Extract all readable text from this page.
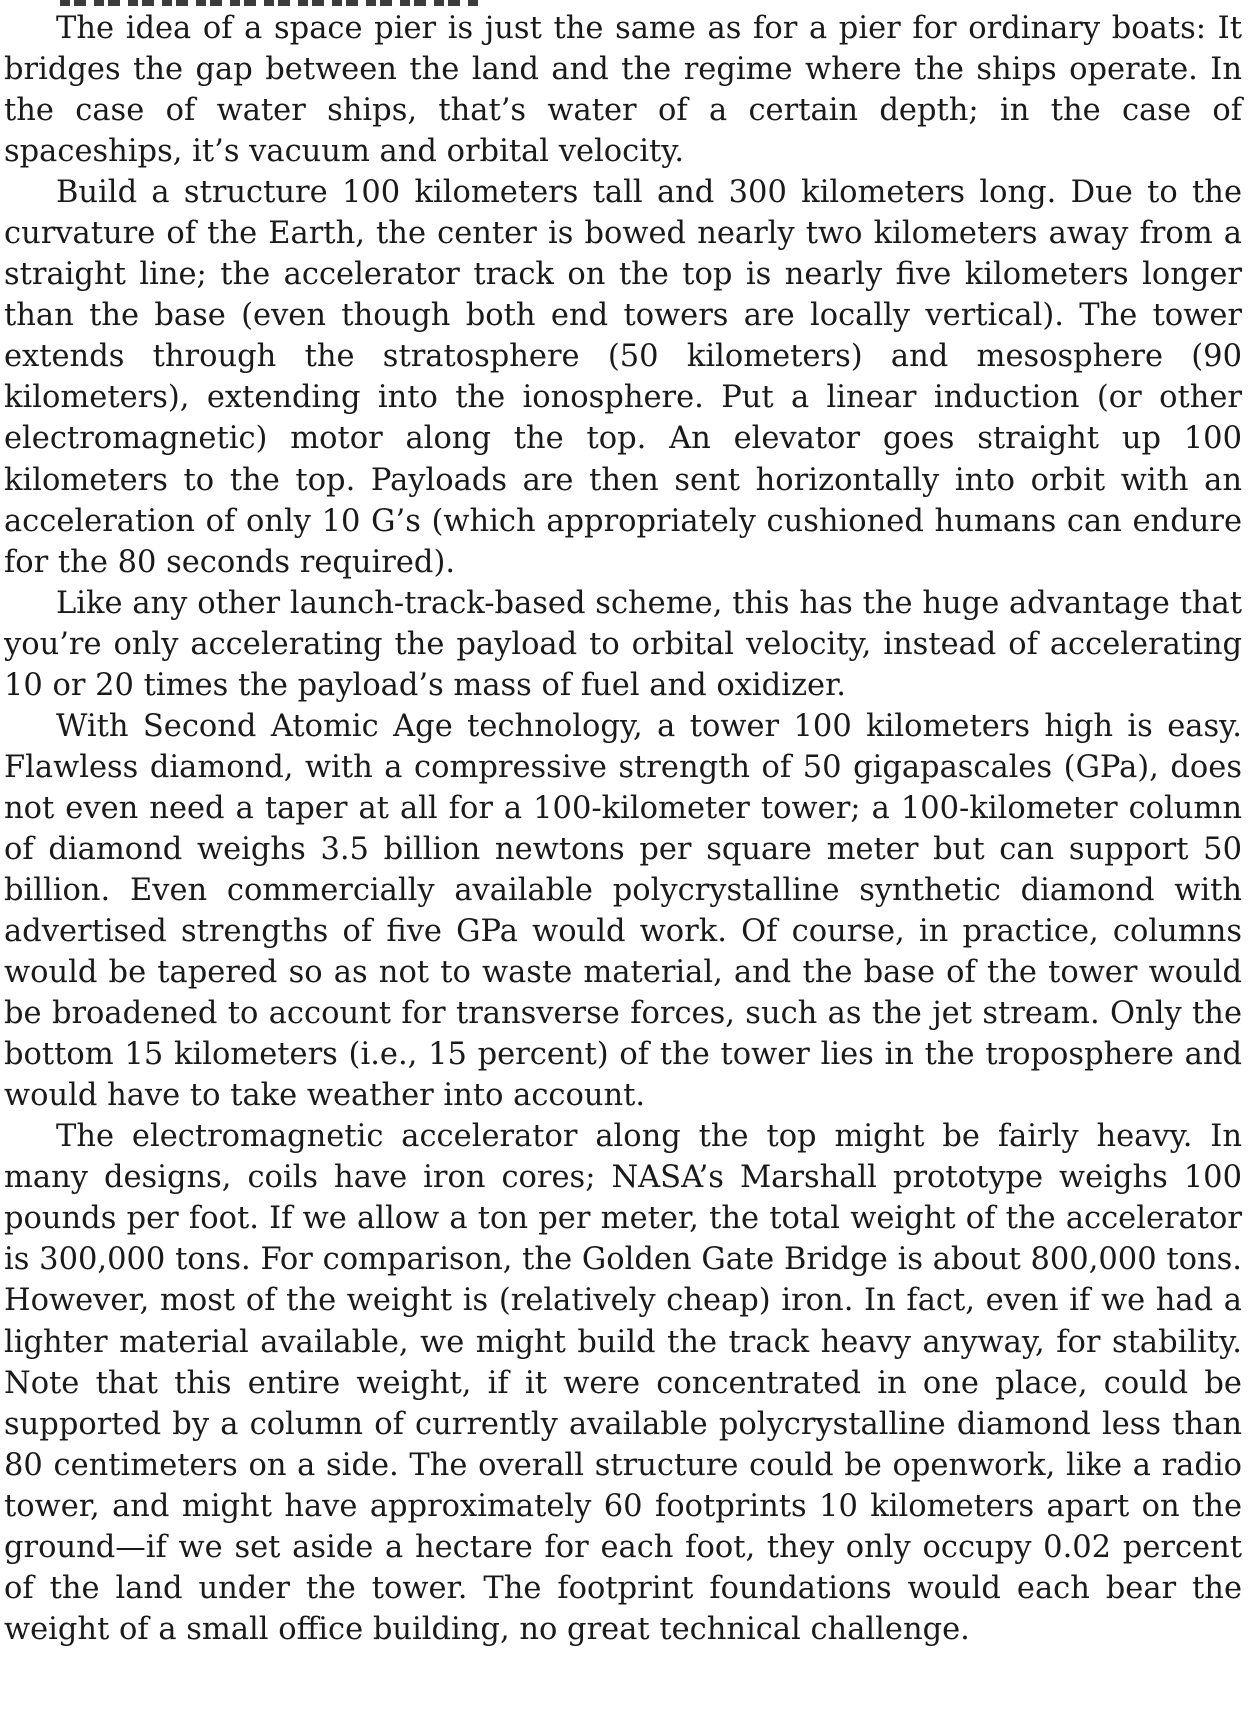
The idea of a space pier is just the same as for a pier for ordinary boats: It bridges the gap between the land and the regime where the ships operate. In the case of water ships, that’s water of a certain depth; in the case of spaceships, it’s vacuum and orbital velocity.

Build a structure 100 kilometers tall and 300 kilometers long. Due to the curvature of the Earth, the center is bowed nearly two kilometers away from a straight line; the accelerator track on the top is nearly five kilometers longer than the base (even though both end towers are locally vertical). The tower extends through the stratosphere (50 kilometers) and mesosphere (90 kilometers), extending into the ionosphere. Put a linear induction (or other electromagnetic) motor along the top. An elevator goes straight up 100 kilometers to the top. Payloads are then sent horizontally into orbit with an acceleration of only 10 G’s (which appropriately cushioned humans can endure for the 80 seconds required).

Like any other launch-track-based scheme, this has the huge advantage that you’re only accelerating the payload to orbital velocity, instead of accelerating 10 or 20 times the payload’s mass of fuel and oxidizer.

With Second Atomic Age technology, a tower 100 kilometers high is easy. Flawless diamond, with a compressive strength of 50 gigapascales (GPa), does not even need a taper at all for a 100-kilometer tower; a 100-kilometer column of diamond weighs 3.5 billion newtons per square meter but can support 50 billion. Even commercially available polycrystalline synthetic diamond with advertised strengths of five GPa would work. Of course, in practice, columns would be tapered so as not to waste material, and the base of the tower would be broadened to account for transverse forces, such as the jet stream. Only the bottom 15 kilometers (i.e., 15 percent) of the tower lies in the troposphere and would have to take weather into account.

The electromagnetic accelerator along the top might be fairly heavy. In many designs, coils have iron cores; NASA’s Marshall prototype weighs 100 pounds per foot. If we allow a ton per meter, the total weight of the accelerator is 300,000 tons. For comparison, the Golden Gate Bridge is about 800,000 tons. However, most of the weight is (relatively cheap) iron. In fact, even if we had a lighter material available, we might build the track heavy anyway, for stability. Note that this entire weight, if it were concentrated in one place, could be supported by a column of currently available polycrystalline diamond less than 80 centimeters on a side. The overall structure could be openwork, like a radio tower, and might have approximately 60 footprints 10 kilometers apart on the ground—if we set aside a hectare for each foot, they only occupy 0.02 percent of the land under the tower. The footprint foundations would each bear the weight of a small office building, no great technical challenge.
